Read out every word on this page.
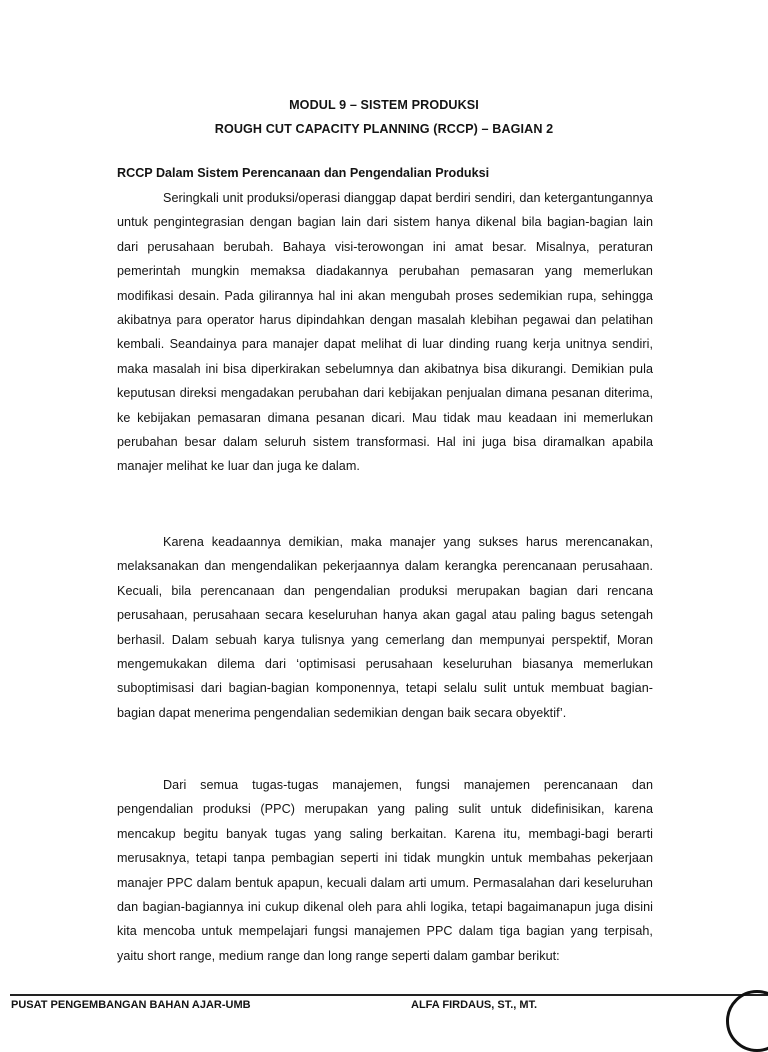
MODUL 9 – SISTEM PRODUKSI
ROUGH CUT CAPACITY PLANNING (RCCP) – BAGIAN 2
RCCP Dalam Sistem Perencanaan dan Pengendalian Produksi

Seringkali unit produksi/operasi dianggap dapat berdiri sendiri, dan ketergantungannya untuk pengintegrasian dengan bagian lain dari sistem hanya dikenal bila bagian-bagian lain dari perusahaan berubah. Bahaya visi-terowongan ini amat besar. Misalnya, peraturan pemerintah mungkin memaksa diadakannya perubahan pemasaran yang memerlukan modifikasi desain. Pada gilirannya hal ini akan mengubah proses sedemikian rupa, sehingga akibatnya para operator harus dipindahkan dengan masalah klebihan pegawai dan pelatihan kembali. Seandainya para manajer dapat melihat di luar dinding ruang kerja unitnya sendiri, maka masalah ini bisa diperkirakan sebelumnya dan akibatnya bisa dikurangi. Demikian pula keputusan direksi mengadakan perubahan dari kebijakan penjualan dimana pesanan diterima, ke kebijakan pemasaran dimana pesanan dicari. Mau tidak mau keadaan ini memerlukan perubahan besar dalam seluruh sistem transformasi. Hal ini juga bisa diramalkan apabila manajer melihat ke luar dan juga ke dalam.

Karena keadaannya demikian, maka manajer yang sukses harus merencanakan, melaksanakan dan mengendalikan pekerjaannya dalam kerangka perencanaan perusahaan. Kecuali, bila perencanaan dan pengendalian produksi merupakan bagian dari rencana perusahaan, perusahaan secara keseluruhan hanya akan gagal atau paling bagus setengah berhasil. Dalam sebuah karya tulisnya yang cemerlang dan mempunyai perspektif, Moran mengemukakan dilema dari ‘optimisasi perusahaan keseluruhan biasanya memerlukan suboptimisasi dari bagian-bagian komponennya, tetapi selalu sulit untuk membuat bagian-bagian dapat menerima pengendalian sedemikian dengan baik secara obyektif’.

Dari semua tugas-tugas manajemen, fungsi manajemen perencanaan dan pengendalian produksi (PPC) merupakan yang paling sulit untuk didefinisikan, karena mencakup begitu banyak tugas yang saling berkaitan. Karena itu, membagi-bagi berarti merusaknya, tetapi tanpa pembagian seperti ini tidak mungkin untuk membahas pekerjaan manajer PPC dalam bentuk apapun, kecuali dalam arti umum. Permasalahan dari keseluruhan dan bagian-bagiannya ini cukup dikenal oleh para ahli logika, tetapi bagaimanapun juga disini kita mencoba untuk mempelajari fungsi manajemen PPC dalam tiga bagian yang terpisah, yaitu short range, medium range dan long range seperti dalam gambar berikut:

PUSAT PENGEMBANGAN BAHAN AJAR-UMB	ALFA FIRDAUS, ST., MT.
